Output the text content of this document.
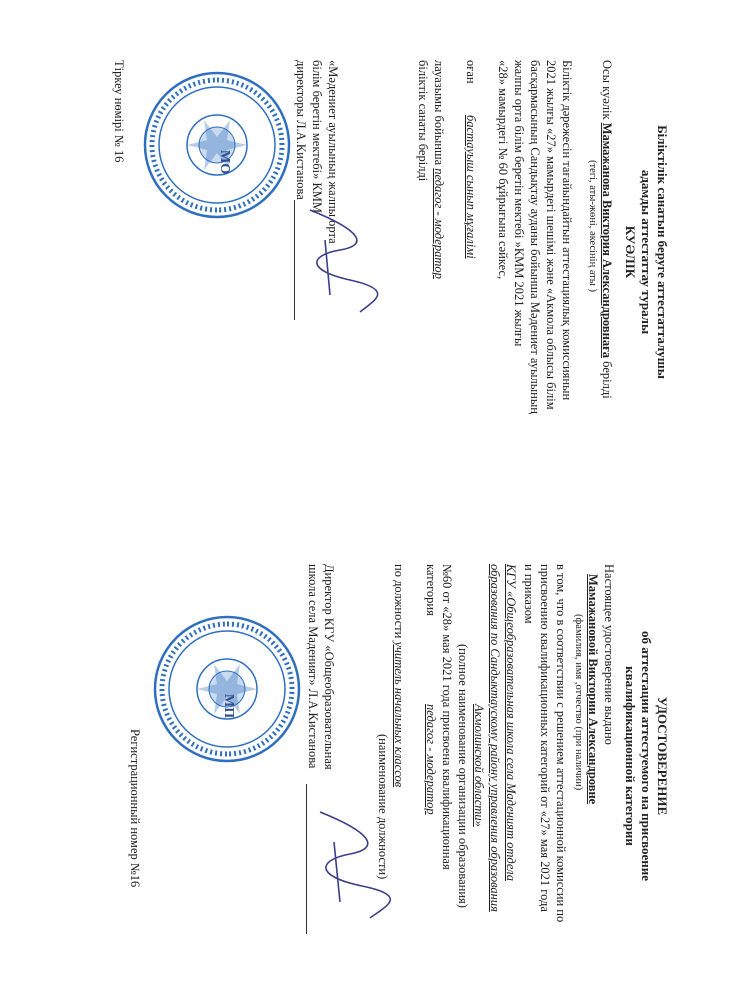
Біліктілік санатын беруге аттестатталушы
адамды аттестаттау туралы
КУӘЛІК
Осы куәлік Мамажанова Виктория Александровнаға берілді
(тегі, аты-жөні, әкесінің аты )
Біліктік дәрежесін тағайындайтын аттестациялық комиссиянын
2021 жылғы «27» мамырдегі шешімі және «Акмола облысы білім
басқармасының Сандықтау ауданы бойынша Мәдениет ауылының
жалпы орта білім беретін мектебі »КММ 2021 жылғы
«28» мамырдегі № 60 бұйрығына сәйкес,
оған
бастауыш сынып мұғалімі
лауазымы бойынша педагог - модератор
біліктік санаты берілді
«Мәдениет ауылының жалпы орта
білім беретін мектебі» КММ
директоры Л.А.Кистанова
МО
Тіркеу нөмірі № 16
УДОСТОВЕРЕНИЕ
об аттестации аттестуемого на присвоение
квалификационной категории
Настоящее удостоверение выдано
Мамажановой Виктории Александровне
(фамилия, имя ,отчество (при наличии)
в том, что в соответствии с решением аттестационной комиссии по
присвоению квалификационных категорий от «27» мая 2021 года
и приказом
КГУ «Общеобразовательная школа села Маденият отдела
образования по Сандыктаускому району управления образования
Акмолинской области»
(полное наименование организации образования)
№60 от «28» мая 2021 года присвоена квалификационная
категория
педагог - модератор
по должности учитель начальных классов
(наименование должности)
Директор КГУ «Общеобразовательная
школа села Маденият» Л.А.Кистанова
МП
Регистрационный номер №16
